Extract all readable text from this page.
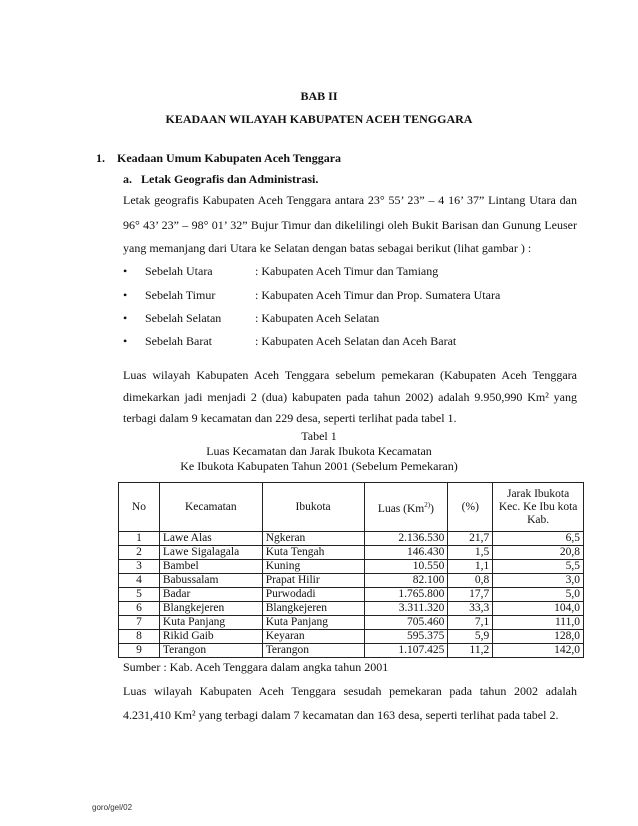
BAB II
KEADAAN WILAYAH KABUPATEN ACEH TENGGARA
1.    Keadaan Umum Kabupaten Aceh Tenggara
a.   Letak Geografis dan Administrasi.
Letak geografis Kabupaten Aceh Tenggara antara 23° 55’ 23” – 4 16’ 37” Lintang Utara dan
96° 43’ 23” – 98° 01’ 32” Bujur Timur dan dikelilingi oleh Bukit Barisan dan Gunung Leuser
yang memanjang dari Utara ke Selatan dengan batas sebagai berikut (lihat gambar ) :
• Sebelah Utara	: Kabupaten Aceh Timur dan Tamiang
• Sebelah Timur	: Kabupaten Aceh Timur dan Prop. Sumatera Utara
• Sebelah Selatan	: Kabupaten Aceh Selatan
• Sebelah Barat	: Kabupaten Aceh Selatan dan Aceh Barat
Luas wilayah Kabupaten Aceh Tenggara sebelum pemekaran (Kabupaten Aceh Tenggara
dimekarkan jadi menjadi 2 (dua) kabupaten pada tahun 2002) adalah 9.950,990 Km² yang
terbagi dalam 9 kecamatan dan 229 desa, seperti terlihat pada tabel 1.
Tabel 1
Luas Kecamatan dan Jarak Ibukota Kecamatan
Ke Ibukota Kabupaten Tahun 2001 (Sebelum Pemekaran)
No	Kecamatan	Ibukota	Luas (Km$^{2)}$)	(%)	Jarak Ibukota Kec. Ke Ibu kota Kab.
1	Lawe Alas	Ngkeran	2.136.530	21,7	6,5
2	Lawe Sigalagala	Kuta Tengah	146.430	1,5	20,8
3	Bambel	Kuning	10.550	1,1	5,5
4	Babussalam	Prapat Hilir	82.100	0,8	3,0
5	Badar	Purwodadi	1.765.800	17,7	5,0
6	Blangkejeren	Blangkejeren	3.311.320	33,3	104,0
7	Kuta Panjang	Kuta Panjang	705.460	7,1	111,0
8	Rikid Gaib	Keyaran	595.375	5,9	128,0
9	Terangon	Terangon	1.107.425	11,2	142,0
Sumber : Kab. Aceh Tenggara dalam angka tahun 2001
Luas wilayah Kabupaten Aceh Tenggara sesudah pemekaran pada tahun 2002 adalah
4.231,410 Km² yang terbagi dalam 7 kecamatan dan 163 desa, seperti terlihat pada tabel 2.
goro/gel/02
